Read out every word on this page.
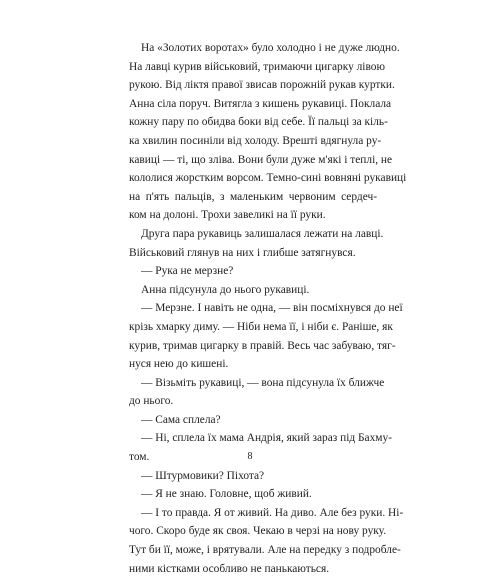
На «Золотих воротах» було холодно і не дуже людно.
На лавці курив військовий, тримаючи цигарку лівою
рукою. Від ліктя правої звисав порожній рукав куртки.
Анна сіла поруч. Витягла з кишень рукавиці. Поклала
кожну пару по обидва боки від себе. Її пальці за кіль-
ка хвилин посиніли від холоду. Врешті вдягнула ру-
кавиці — ті, що зліва. Вони були дуже м'які і теплі, не
кололися жорстким ворсом. Темно-сині вовняні рукавиці
на п'ять пальців, з маленьким червоним сердеч-
ком на долоні. Трохи завеликі на її руки.
Друга пара рукавиць залишалася лежати на лавці.
Військовий глянув на них і глибше затягнувся.
— Рука не мерзне?
Анна підсунула до нього рукавиці.
— Мерзне. І навіть не одна, — він посміхнувся до неї
крізь хмарку диму. — Ніби нема її, і ніби є. Раніше, як
курив, тримав цигарку в правій. Весь час забуваю, тяг-
нуся нею до кишені.
— Візьміть рукавиці, — вона підсунула їх ближче
до нього.
— Сама сплела?
— Ні, сплела їх мама Андрія, який зараз під Бахму-
том.
— Штурмовики? Піхота?
— Я не знаю. Головне, щоб живий.
— І то правда. Я от живий. На диво. Але без руки. Ні-
чого. Скоро буде як своя. Чекаю в черзі на нову руку.
Тут би її, може, і врятували. Але на передку з подробле-
ними кістками особливо не панькаються.
8
